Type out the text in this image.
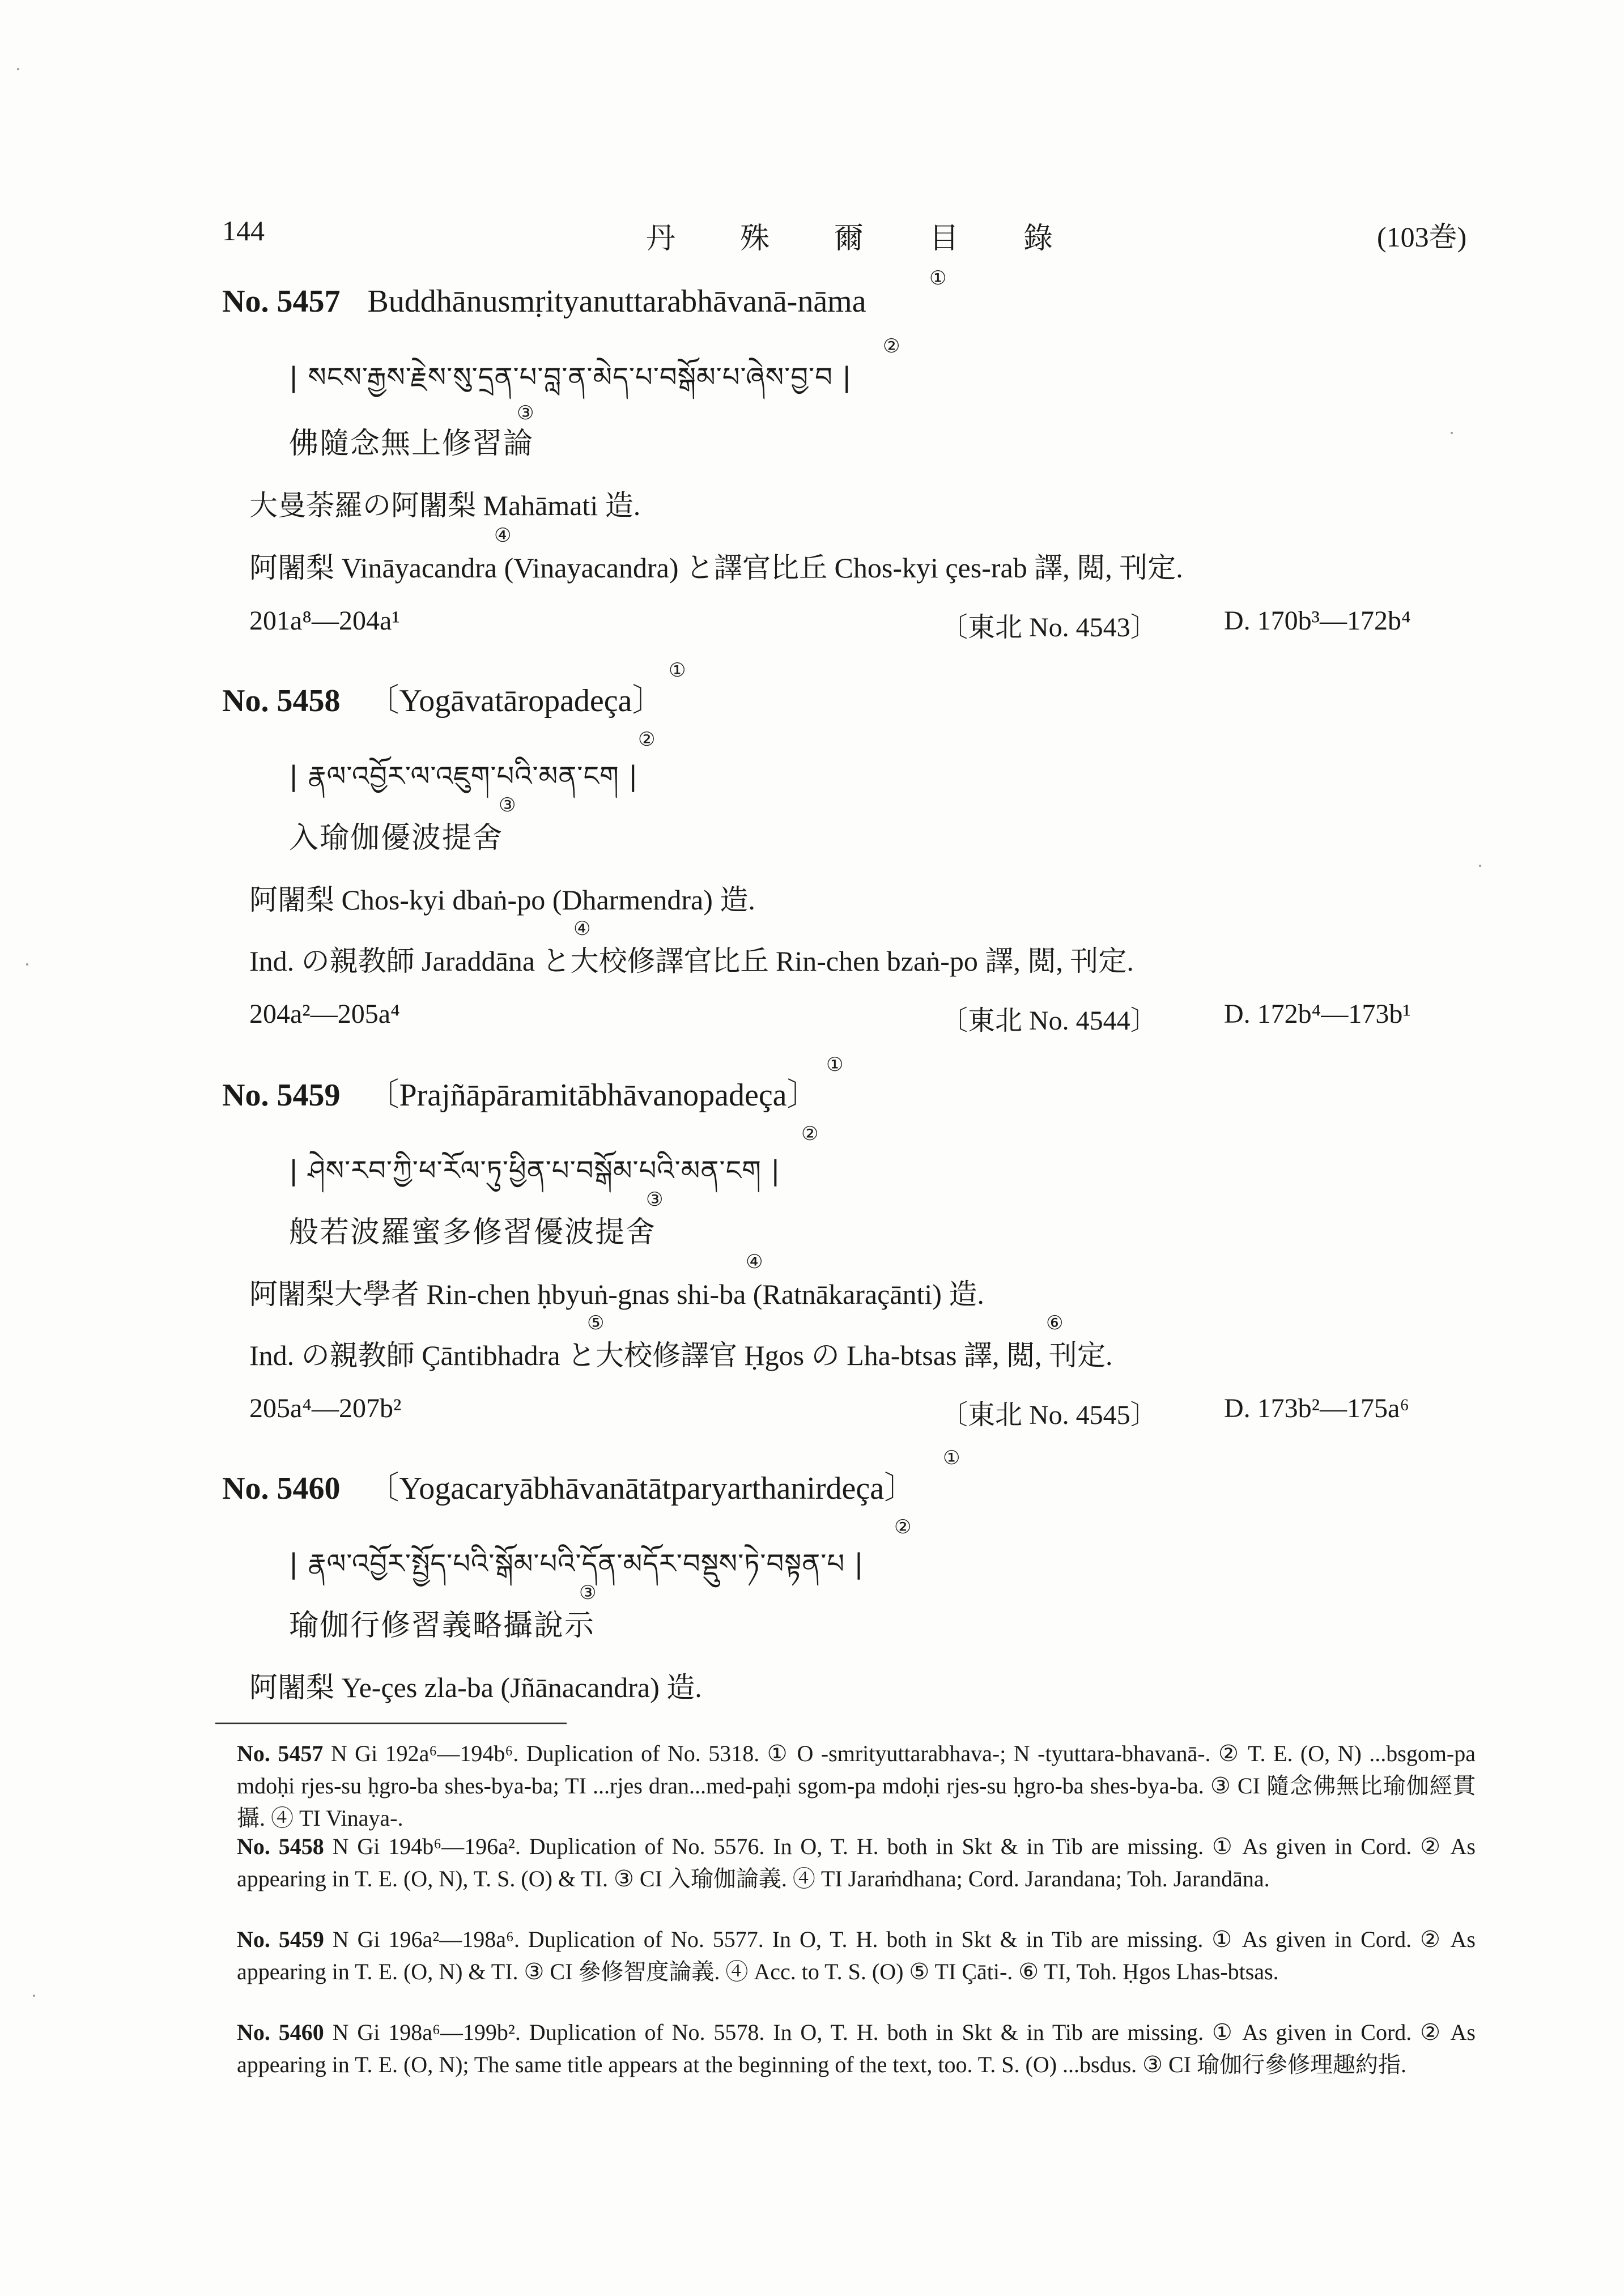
144	丹 殊 爾 目 錄	(103巻)
No. 5457 Buddhānusmṛityanuttarabhāvanā-nāma
①
| སངས་རྒྱས་རྗེས་སུ་དྲན་པ་བླ་ན་མེད་པ་བསྒོམ་པ་ཞེས་བྱ་བ |
②
佛隨念無上修習論
③
大曼荼羅の阿闍梨 Mahāmati 造.
④
阿闍梨 Vināyacandra (Vinayacandra) と譯官比丘 Chos-kyi çes-rab 譯, 閲, 刊定.
201a⁸—204a¹	〔東北 No. 4543〕 D. 170b³—172b⁴
No. 5458 〔Yogāvatāropadeça〕
①
| རྣལ་འབྱོར་ལ་འཇུག་པའི་མན་ངག |
②
入瑜伽優波提舍
③
阿闍梨 Chos-kyi dbaṅ-po (Dharmendra) 造.
④
Ind. の親教師 Jaraddāna と大校修譯官比丘 Rin-chen bzaṅ-po 譯, 閲, 刊定.
204a²—205a⁴	〔東北 No. 4544〕 D. 172b⁴—173b¹
No. 5459 〔Prajñāpāramitābhāvanopadeça〕
①
| ཤེས་རབ་ཀྱི་ཕ་རོལ་ཏུ་ཕྱིན་པ་བསྒོམ་པའི་མན་ངག |
②
般若波羅蜜多修習優波提舍
③
阿闍梨大學者 Rin-chen ḥbyuṅ-gnas shi-ba (Ratnākaraçānti) 造.
④
⑤	⑥
Ind. の親教師 Çāntibhadra と大校修譯官 Ḥgos の Lha-btsas 譯, 閲, 刊定.
205a⁴—207b²	〔東北 No. 4545〕 D. 173b²—175a⁶
No. 5460 〔Yogacaryābhāvanātātparyarthanirdeça〕
①
| རྣལ་འབྱོར་སྤྱོད་པའི་སྒོམ་པའི་དོན་མདོར་བསྡུས་ཏེ་བསྟན་པ |
②
瑜伽行修習義略攝說示
③
阿闍梨 Ye-çes zla-ba (Jñānacandra) 造.
No. 5457 N Gi 192a⁶—194b⁶. Duplication of No. 5318. ① O -smrityuttarabhava-; N -tyuttara-bhavanā-. ② T. E. (O, N) ...bsgom-pa mdoḥi rjes-su ḥgro-ba shes-bya-ba; TI ...rjes dran...med-paḥi sgom-pa mdoḥi rjes-su ḥgro-ba shes-bya-ba. ③ CI 隨念佛無比瑜伽經貫攝. ④ TI Vinaya-.
No. 5458 N Gi 194b⁶—196a². Duplication of No. 5576. In O, T. H. both in Skt & in Tib are missing. ① As given in Cord. ② As appearing in T. E. (O, N), T. S. (O) & TI. ③ CI 入瑜伽論義. ④ TI Jaraṁdhana; Cord. Jarandana; Toh. Jarandāna.
No. 5459 N Gi 196a²—198a⁶. Duplication of No. 5577. In O, T. H. both in Skt & in Tib are missing. ① As given in Cord. ② As appearing in T. E. (O, N) & TI. ③ CI 參修智度論義. ④ Acc. to T. S. (O) ⑤ TI Çāti-. ⑥ TI, Toh. Ḥgos Lhas-btsas.
No. 5460 N Gi 198a⁶—199b². Duplication of No. 5578. In O, T. H. both in Skt & in Tib are missing. ① As given in Cord. ② As appearing in T. E. (O, N); The same title appears at the beginning of the text, too. T. S. (O) ...bsdus. ③ CI 瑜伽行參修理趣約指.
